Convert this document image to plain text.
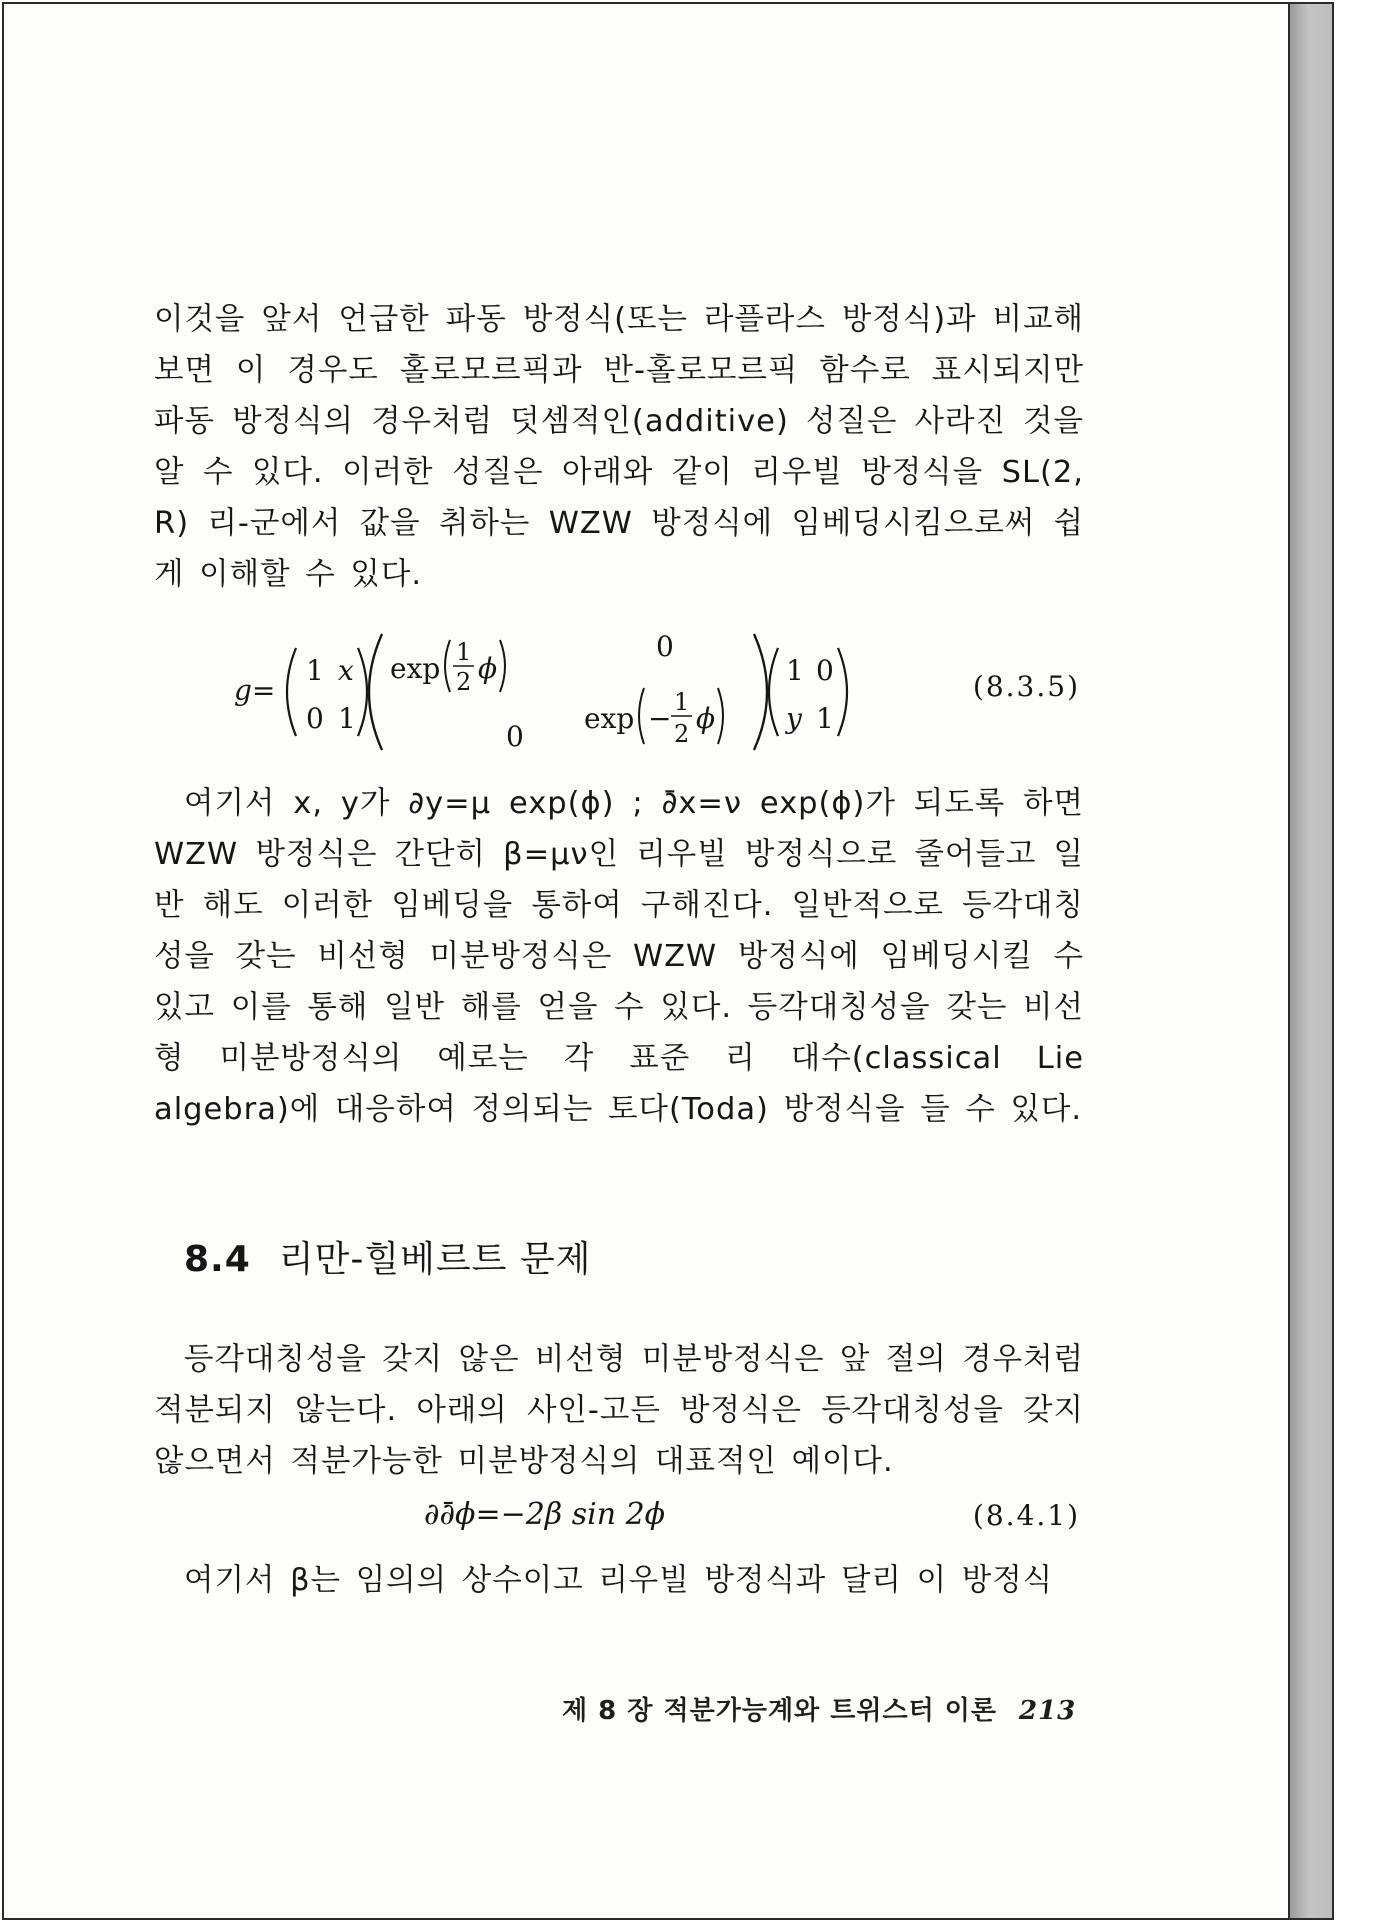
이것을 앞서 언급한 파동 방정식(또는 라플라스 방정식)과 비교해 보면 이 경우도 홀로모르픽과 반-홀로모르픽 함수로 표시되지만 파동 방정식의 경우처럼 덧셈적인(additive) 성질은 사라진 것을 알 수 있다. 이러한 성질은 아래와 같이 리우빌 방정식을 SL(2, R) 리-군에서 값을 취하는 WZW 방정식에 임베딩시킴으로써 쉽게 이해할 수 있다.

g=
1 x
0 1
exp 1
2 ϕ
0
0
exp − 1
2 ϕ
1 0
y 1
(8.3.5)

여기서 x, y가 ∂y=μ exp(ϕ) ; ∂̄x=ν exp(ϕ)가 되도록 하면 WZW 방정식은 간단히 β=μν인 리우빌 방정식으로 줄어들고 일반 해도 이러한 임베딩을 통하여 구해진다. 일반적으로 등각대칭성을 갖는 비선형 미분방정식은 WZW 방정식에 임베딩시킬 수 있고 이를 통해 일반 해를 얻을 수 있다. 등각대칭성을 갖는 비선형 미분방정식의 예로는 각 표준 리 대수(classical Lie algebra)에 대응하여 정의되는 토다(Toda) 방정식을 들 수 있다.

8.4 리만-힐베르트 문제

등각대칭성을 갖지 않은 비선형 미분방정식은 앞 절의 경우처럼 적분되지 않는다. 아래의 사인-고든 방정식은 등각대칭성을 갖지 않으면서 적분가능한 미분방정식의 대표적인 예이다.

∂∂̄ϕ=−2β sin 2ϕ	(8.4.1)

여기서 β는 임의의 상수이고 리우빌 방정식과 달리 이 방정식

제 8 장 적분가능계와 트위스터 이론 213
